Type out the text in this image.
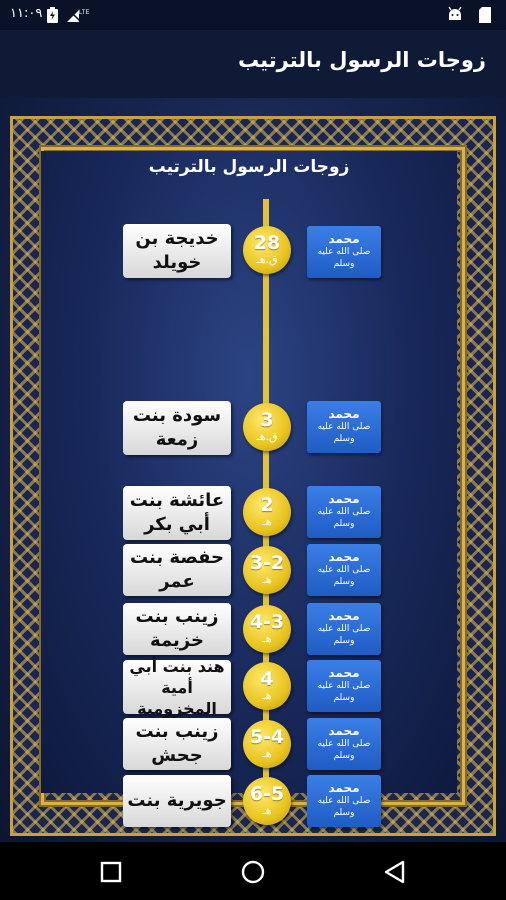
١١:٠٩	LTE
زوجات الرسول بالترتيب
زوجات الرسول بالترتيب
خديجة بن خويلد
28
ق.هـ
محمد
صلى الله عليه وسلم
سودة بنت زمعة
3
ق.هـ
محمد
صلى الله عليه وسلم
عائشة بنت أبي بكر
2
هـ
محمد
صلى الله عليه وسلم
حفصة بنت عمر
3-2
هـ
محمد
صلى الله عليه وسلم
زينب بنت خزيمة
4-3
هـ
محمد
صلى الله عليه وسلم
هند بنت أبي أمية المخزومية
4
هـ
محمد
صلى الله عليه وسلم
زينب بنت جحش
5-4
هـ
محمد
صلى الله عليه وسلم
جويرية بنت	6-5
هـ
محمد
صلى الله عليه وسلم
